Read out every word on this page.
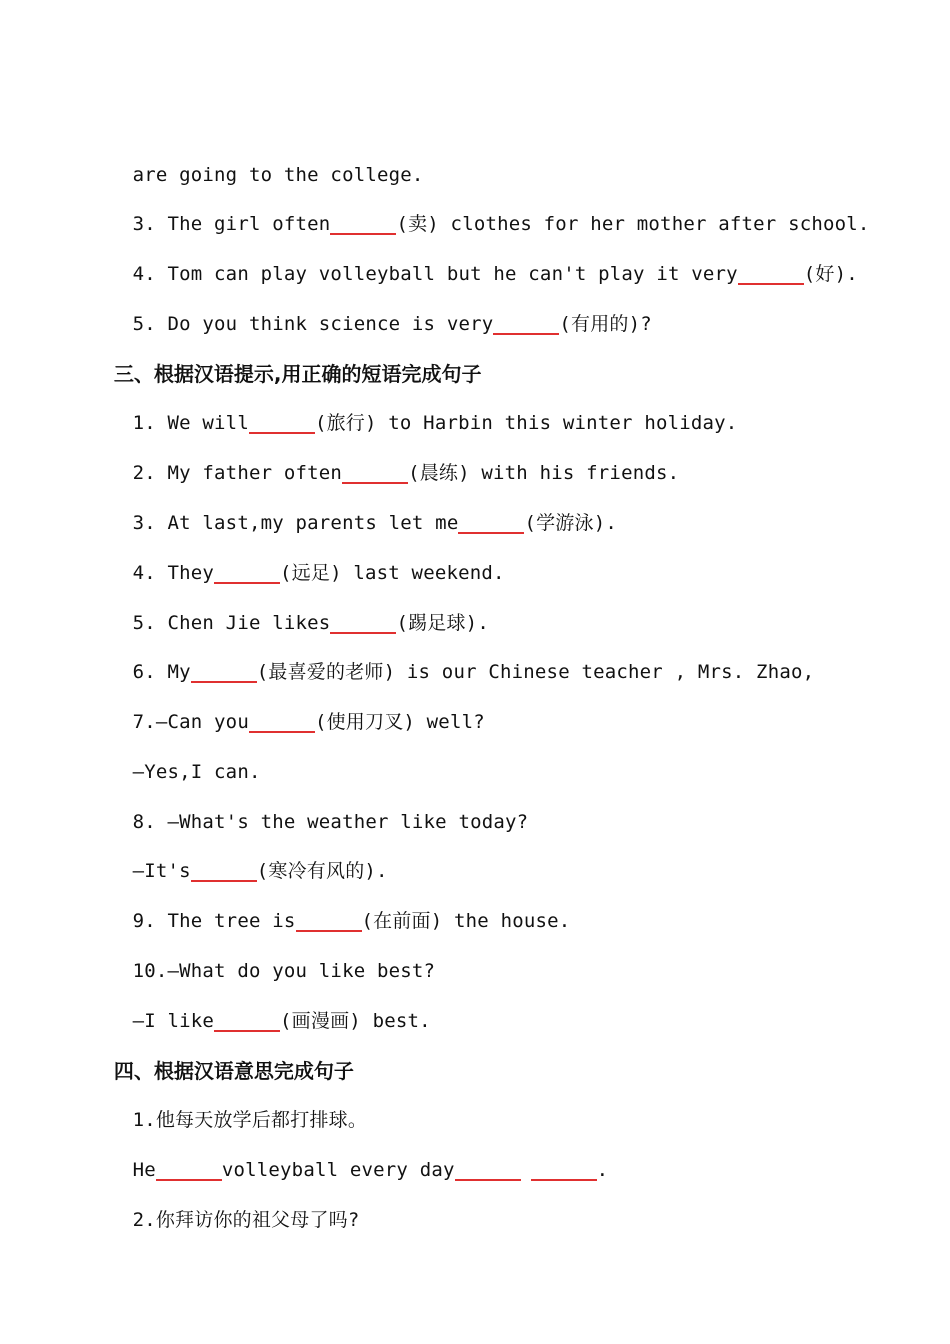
are going to the college.

3. The girl often	(卖) clothes for her mother after school.

4. Tom can play volleyball but he can't play it very	(好).

5. Do you think science is very	(有用的)?

三、根据汉语提示,用正确的短语完成句子

1. We will	(旅行) to Harbin this winter holiday.

2. My father often	(晨练) with his friends.

3. At last,my parents let me	(学游泳).

4. They	(远足) last weekend.

5. Chen Jie likes	(踢足球).

6. My	(最喜爱的老师) is our Chinese teacher , Mrs. Zhao,

7.—Can you	(使用刀叉) well?

—Yes,I can.

8. —What's the weather like today?

—It's	(寒冷有风的).

9. The tree is	(在前面) the house.

10.—What do you like best?

—I like	(画漫画) best.

四、根据汉语意思完成句子

1.他每天放学后都打排球。

He	volleyball every day	.

2.你拜访你的祖父母了吗?
